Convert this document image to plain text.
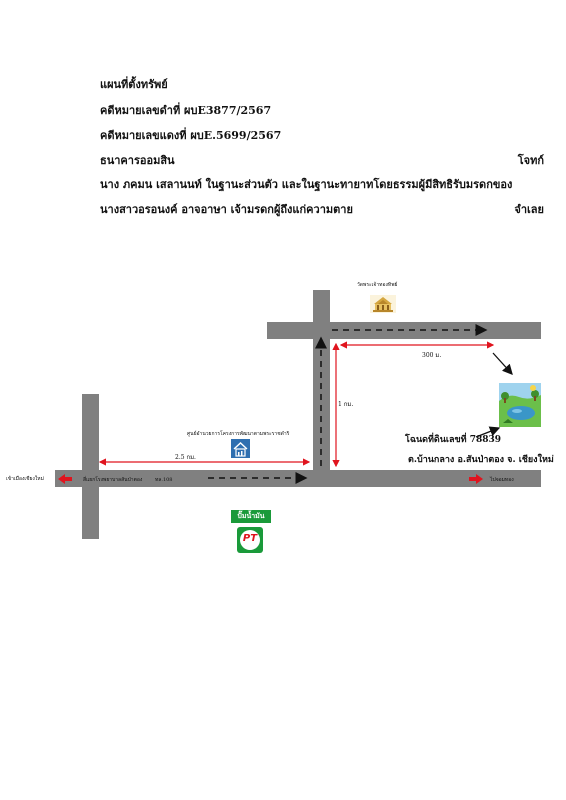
แผนที่ตั้งทรัพย์
คดีหมายเลขดำที่ ผบE3877/2567
คดีหมายเลขแดงที่ ผบE.5699/2567
ธนาคารออมสิน	โจทก์
นาง ภคมน เสลานนท์ ในฐานะส่วนตัว และในฐานะทายาทโดยธรรมผู้มีสิทธิรับมรดกของ
นางสาวอรอนงค์ อาจอาษา เจ้ามรดกผู้ถึงแก่ความตาย	จำเลย
วัดพระเจ้าทองทิพย์
300 ม.
1 กม.
2.5 กม.
ศูนย์อำนวยการโครงการพัฒนาตามพระราชดำริ
เข้าเมืองเชียงใหม่	สี่แยกโรงพยาบาลสันป่าตอง	ทล.108	ไปจอมทอง
ปั๊มน้ำมัน
PT
โฉนดที่ดินเลขที่ 78839
ต.บ้านกลาง อ.สันป่าตอง จ. เชียงใหม่
